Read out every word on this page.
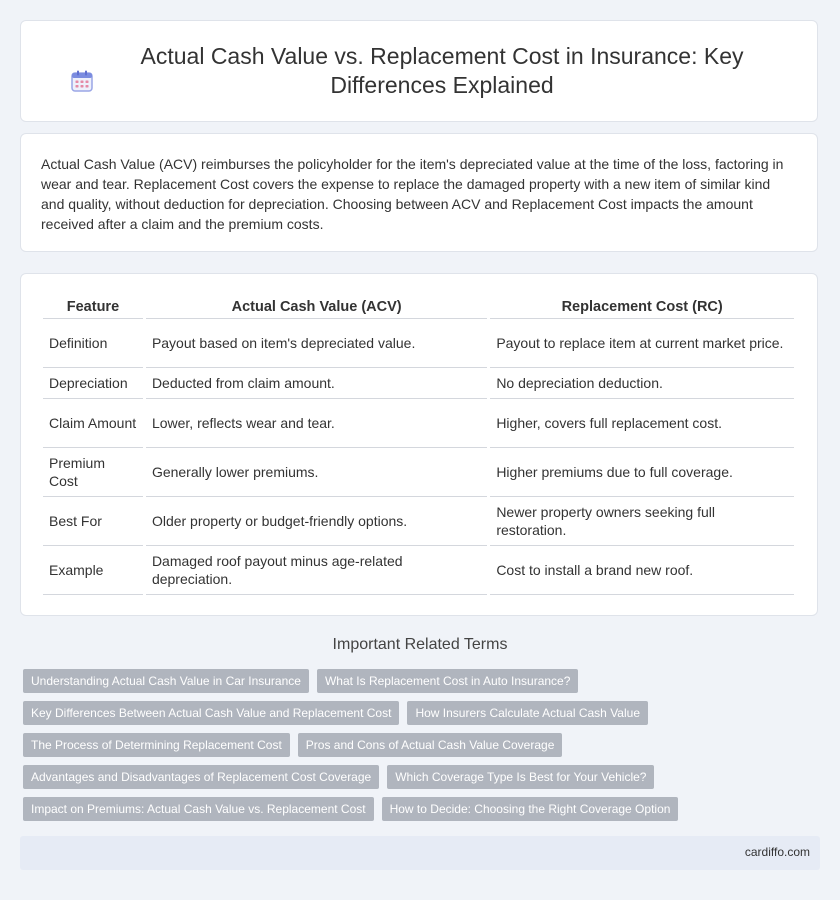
Actual Cash Value vs. Replacement Cost in Insurance: Key Differences Explained

Actual Cash Value (ACV) reimburses the policyholder for the item's depreciated value at the time of the loss, factoring in wear and tear. Replacement Cost covers the expense to replace the damaged property with a new item of similar kind and quality, without deduction for depreciation. Choosing between ACV and Replacement Cost impacts the amount received after a claim and the premium costs.

Feature	Actual Cash Value (ACV)	Replacement Cost (RC)
Definition	Payout based on item's depreciated value.	Payout to replace item at current market price.
Depreciation	Deducted from claim amount.	No depreciation deduction.
Claim Amount	Lower, reflects wear and tear.	Higher, covers full replacement cost.
Premium Cost	Generally lower premiums.	Higher premiums due to full coverage.
Best For	Older property or budget-friendly options.	Newer property owners seeking full restoration.
Example	Damaged roof payout minus age-related depreciation.	Cost to install a brand new roof.
Important Related Terms
Understanding Actual Cash Value in Car Insurance	What Is Replacement Cost in Auto Insurance?
Key Differences Between Actual Cash Value and Replacement Cost	How Insurers Calculate Actual Cash Value
The Process of Determining Replacement Cost	Pros and Cons of Actual Cash Value Coverage
Advantages and Disadvantages of Replacement Cost Coverage	Which Coverage Type Is Best for Your Vehicle?
Impact on Premiums: Actual Cash Value vs. Replacement Cost	How to Decide: Choosing the Right Coverage Option
cardiffo.com
